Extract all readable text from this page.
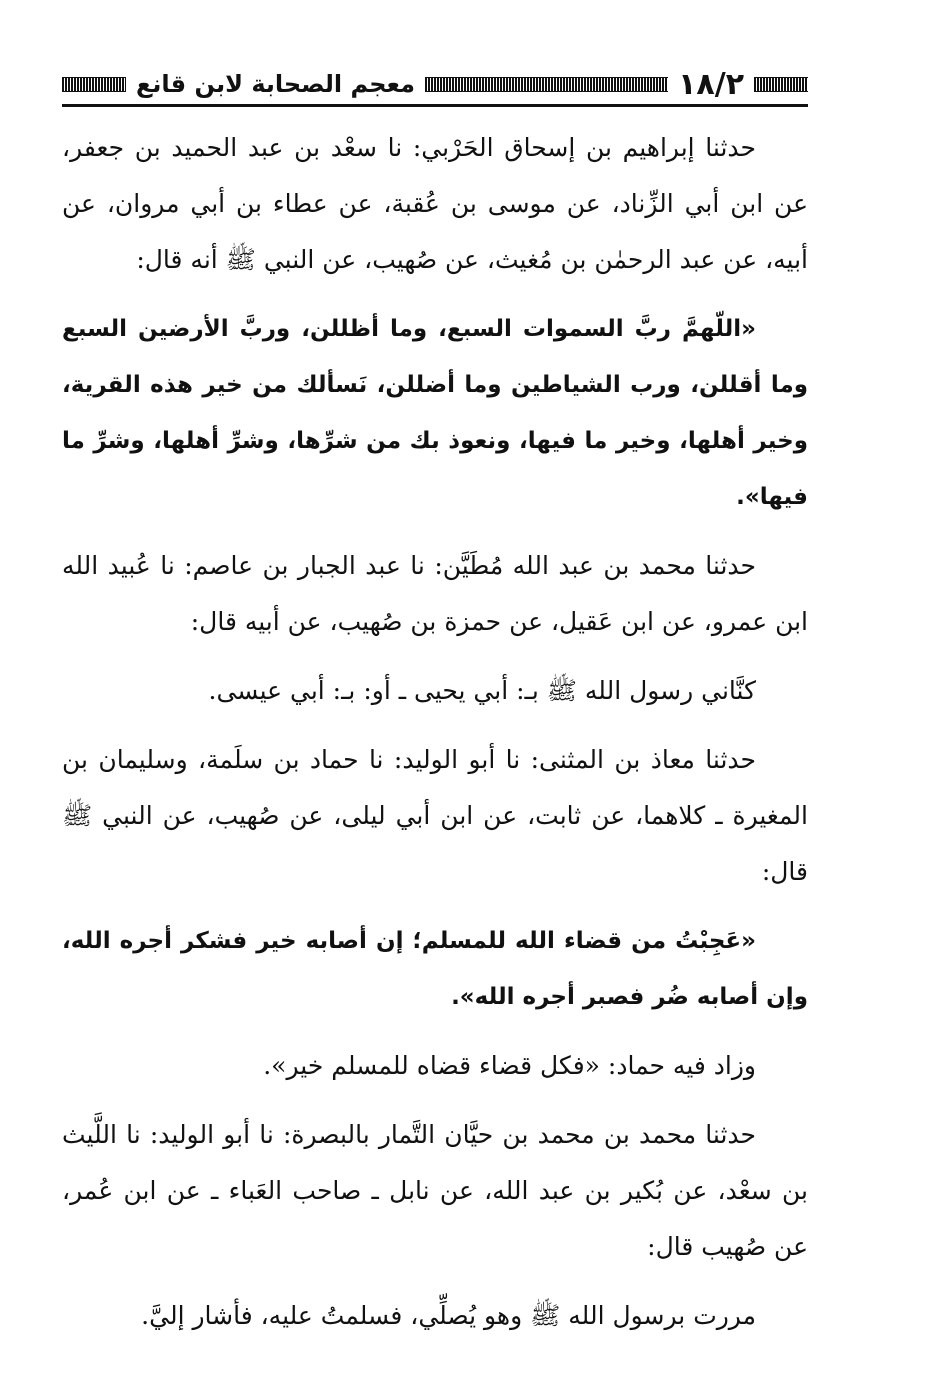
١٨/٢
معجم الصحابة لابن قانع

حدثنا إبراهيم بن إسحاق الحَرْبي: نا سعْد بن عبد الحميد بن جعفر، عن ابن أبي الزِّناد، عن موسى بن عُقبة، عن عطاء بن أبي مروان، عن أبيه، عن عبد الرحمٰن بن مُغيث، عن صُهيب، عن النبي ﷺ أنه قال:

«اللّهمَّ ربَّ السموات السبع، وما أظللن، وربَّ الأرضين السبع وما أقللن، ورب الشياطين وما أضللن، نَسألك من خير هذه القرية، وخير أهلها، وخير ما فيها، ونعوذ بك من شرِّها، وشرِّ أهلها، وشرِّ ما فيها».

حدثنا محمد بن عبد الله مُطَيَّن: نا عبد الجبار بن عاصم: نا عُبيد الله ابن عمرو، عن ابن عَقيل، عن حمزة بن صُهيب، عن أبيه قال:

كنَّاني رسول الله ﷺ بـ: أبي يحيى ـ أو: بـ: أبي عيسى.

حدثنا معاذ بن المثنى: نا أبو الوليد: نا حماد بن سلَمة، وسليمان بن المغيرة ـ كلاهما، عن ثابت، عن ابن أبي ليلى، عن صُهيب، عن النبي ﷺ قال:

«عَجِبْتُ من قضاء الله للمسلم؛ إن أصابه خير فشكر أجره الله، وإن أصابه ضُر فصبر أجره الله».

وزاد فيه حماد: «فكل قضاء قضاه للمسلم خير».

حدثنا محمد بن محمد بن حيَّان التَّمار بالبصرة: نا أبو الوليد: نا اللَّيث بن سعْد، عن بُكير بن عبد الله، عن نابل ـ صاحب العَباء ـ عن ابن عُمر، عن صُهيب قال:

مررت برسول الله ﷺ وهو يُصلِّي، فسلمتُ عليه، فأشار إليَّ.
